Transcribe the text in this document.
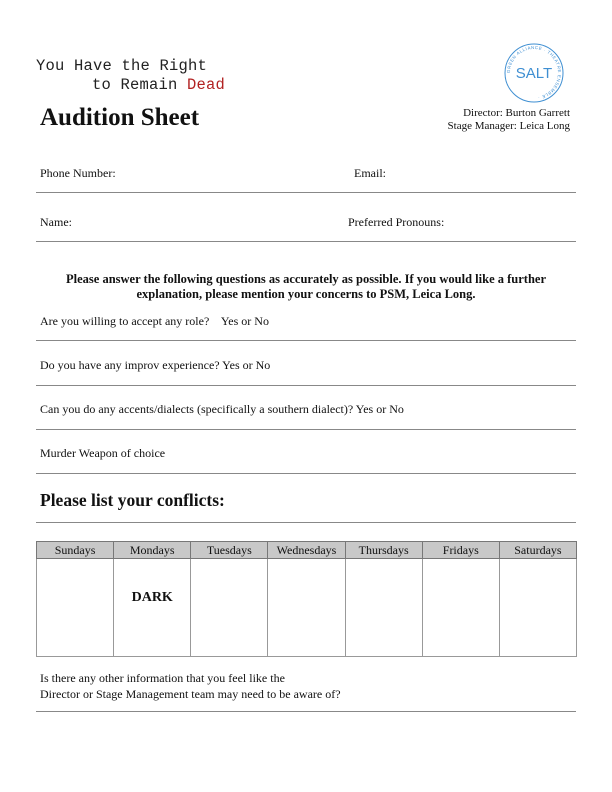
You Have the Right
to Remain Dead
GREEN ALLIANCE · THEATRE ENSEMBLE ·
SALT
Audition Sheet	Director: Burton Garrett
Stage Manager: Leica Long
Phone Number:	Email:
Name:	Preferred Pronouns:
Please answer the following questions as accurately as possible. If you would like a further explanation, please mention your concerns to PSM, Leica Long.
Are you willing to accept any role?    Yes or No
Do you have any improv experience? Yes or No
Can you do any accents/dialects (specifically a southern dialect)? Yes or No
Murder Weapon of choice
Please list your conflicts:
Sundays	Mondays	Tuesdays	Wednesdays	Thursdays	Fridays	Saturdays

	DARK					

Is there any other information that you feel like the
Director or Stage Management team may need to be aware of?
